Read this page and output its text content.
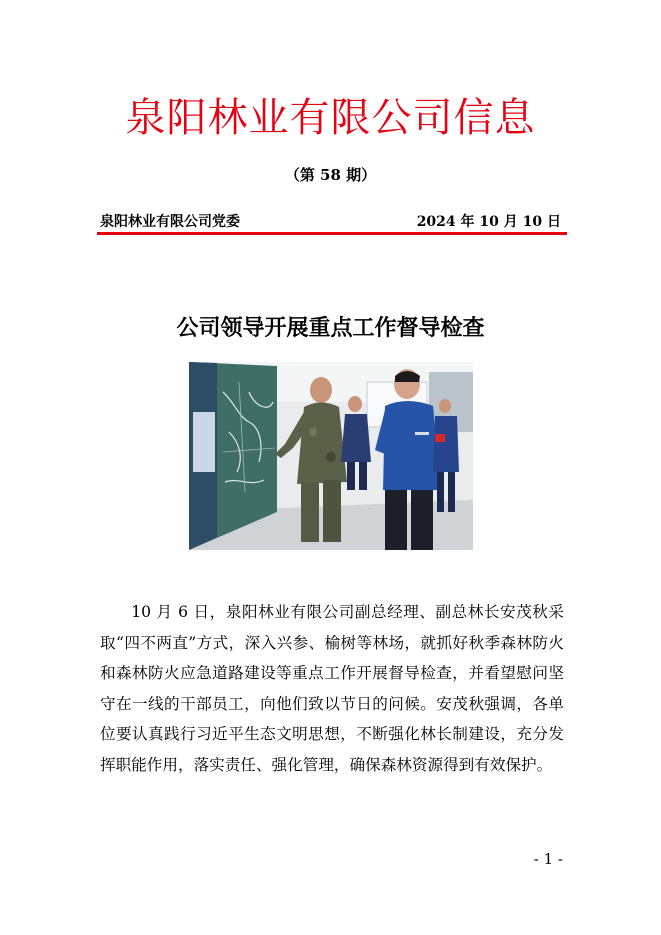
泉阳林业有限公司信息
（第 58 期）
泉阳林业有限公司党委	2024 年 10 月 10 日
公司领导开展重点工作督导检查

10 月 6 日，泉阳林业有限公司副总经理、副总林长安茂秋采取“四不两直”方式，深入兴参、榆树等林场，就抓好秋季森林防火和森林防火应急道路建设等重点工作开展督导检查，并看望慰问坚守在一线的干部员工，向他们致以节日的问候。安茂秋强调，各单位要认真践行习近平生态文明思想，不断强化林长制建设，充分发挥职能作用，落实责任、强化管理，确保森林资源得到有效保护。

- 1 -
